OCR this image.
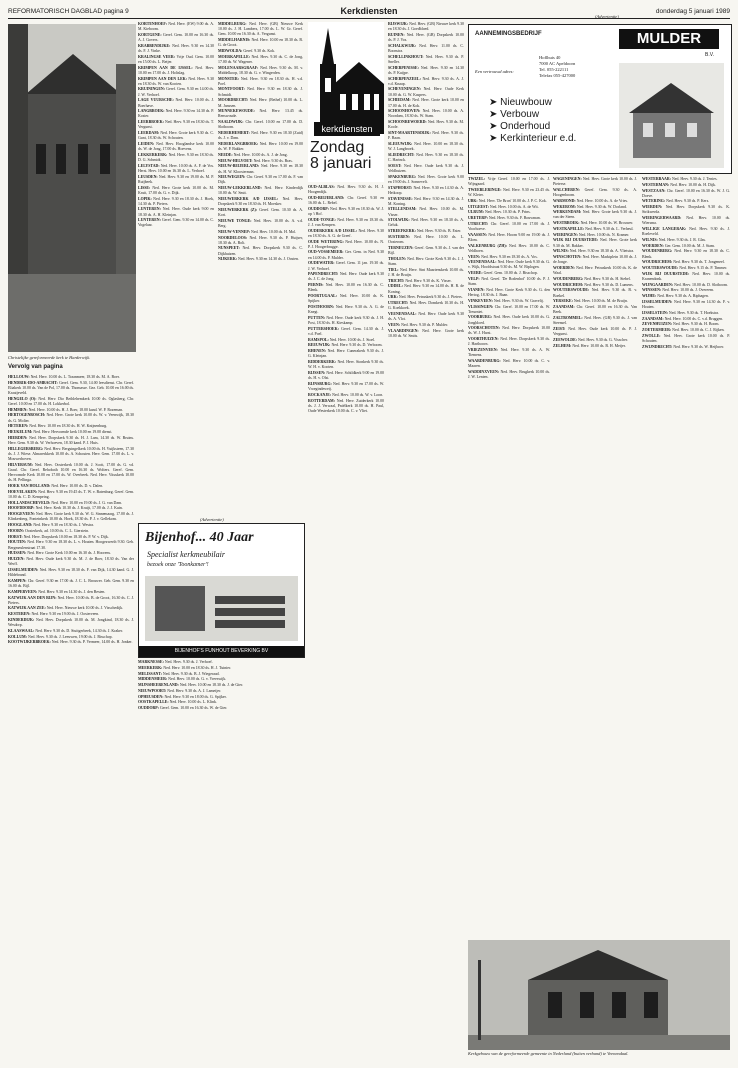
REFORMATORISCH DAGBLAD pagina 9	Kerkdiensten	donderdag 5 januari 1989
Christelijke gereformeerde kerk te Harderwijk.
Vervolg van pagina

HELLOUW: Ned. Herv. 10.00 ds. L. Traanmeer, 18.30 ds. M. A. Boer.

HENDRIK-IDO-AMBACHT: Geref. Gem. 9.30, 14.00 leesdienst. Chr. Geref. Eliakerk 10.00 ds. Van de Pol, 17.00 ds. Thomasse. Gez. Geb. 10.00 en 16.00 ds. Kraaijeveld.

HENGELO (O): Ned. Herv. Dio Bethlehemkerk 10.00 ds. Oglasberg, Chr. Geref. 10.00 en 17.00 ds. H. Lokkerbol.

HEMMEN: Ned. Herv. 10.00 ds. H. J. Boer, 18.00 kand. W. P. Rozeman.

HERTOGENBOSCH: Ned. Herv. Grote kerk 10.00 ds. W. v. Veenwijk, 18.30 ds. G. Molier.

HETEREN: Ned. Herv. 10.00 en 18.30 ds. H. W. Knijnenburg.

HEUKELUM: Ned. Herv. Hervormde kerk 10.00 en 19.00 dienst.

HIERDEN: Ned. Herv. Dorpskerk 9.30 ds. H. J. Lam, 14.30 ds. W. Bruins. Herv. Gem. 9.30 ds. W. Verhoeven, 18.30 kand. P. J. Huis.

HILLEGERSBERG: Ned. Herv. Bergsingelkerk 10.00 ds. H. Vuijksteen, 17.30 ds. J. J. Wiese. Almarerkkerk 10.00 ds. A. Schouten. Herv. Gem. 17.00 ds. L. v. Mouwerhoven.

HILVERSUM: Ned. Herv. Oosterkerk 10.00 ds. J. Scott, 17.00 ds. G. vd. Graaf. Chr. Geref. Rehoboth 10.00 en 16.30 ds. Wolters. Geref. Gem. Hervormde Kerk 10.00 en 17.00 ds. W. Overbeek. Ned. Herv. Vituskerk 10.00 ds. H. Pellinga.

HOEK VAN HOLLAND: Ned. Herv. 10.00 ds. D. v. Dalen.

HOEVELAKEN: Ned. Herv. 9.30 en 19.45 ds. T. W. v. Batenburg. Geref. Gem. 10.00 ds. C. D. Kempeing.

HOLLANDSCHEVELD: Ned. Herv. 10.00 en 19.00 ds. J. G. van Dam.

HOOFDDORP: Ned. Herv. Kerk 10.30 ds. J. Kruijt, 17.00 ds. J. J. Kuin.

HOOGEVEEN: Ned. Herv. Grote kerk 9.30 ds. W. G. Sinnemaarg, 17.00 ds. J. Klinkenberg. Fonteinkerk 10.00 ds. Hoek, 18.30 ds. P. J. v. Gellekom.

HOOGLAND: Ned. Herv. 9.30 en 18.30 ds. J. Westra.

HOORN: Oosterkerk, ad. 10.00 ds. C. L. Gierstein.

HORST: Ned. Herv. Dorpskerk 10.00 en 18.30 ds. P. W. v. Dijk.

HOUTEN: Ned. Herv. 9.30 en 18.30 ds. L. v. Houten. Hoogezwerth 9.30. Geb. Bergmeulenstraat 17.30.

HUISSEN: Ned. Herv. Grote Kerk 10.00 en 16.30 ds. J. Hoorens.

HUIZEN: Ned. Herv. Oude kerk 9.30 ds. M. J. de Boer, 18.30 ds. Van der Werff.

IJSSELMUIDEN: Ned. Herv. 9.30 en 18.30 ds. F. van Dijk, 14.30 kand. G. J. Hildebrand.

KAMPEN: Chr. Geref. 9.30 en 17.00 ds. J. C. L. Brouwer. Geb. Gem. 9.30 en 16.00 ds. Bijl.

KAMPERVEEN: Ned. Herv. 9.30 en 14.30 ds. J. den Besten.

KATWIJK AAN DEN RIJN: Ned. Herv. 10.00 ds. B. de Groot, 16.30 ds. C. J. Pieters.

KATWIJK AAN ZEE: Ned. Herv. Nieuwe kerk 10.00 ds. J. Visschedijk.

KESTEREN: Ned. Herv. 9.30 en 19.00 ds. J. Oosterveen.

KINDERDIJK: Ned. Herv. Dorpskerk 10.00 ds. M. Jongkind, 18.30 ds. J. Wesdorp.

KLAASWAAL: Ned. Herv. 9.30 ds. D. Stuitgerbeek, 14.30 ds. J. Kraker.

KOLLUM: Ned. Herv. 9.30 ds. J. Leeuwen, 19.00 ds. J. Bisschop.

KOOTWIJKERBROEK: Ned. Herv. 9.30 ds. P. Vermeer, 14.00 ds. H. Jonker.

KORTENHOEF: Ned. Herv. (EW) 9.00 ds. A. M. Kieboom.

KORTGENE: Geref. Gem. 10.00 en 16.30 ds. A. J. Govers.

KRABBENDIJKE: Ned. Herv. 9.30 en 14.30 ds. F. J. Vinke.

KRALINGSE VEER: Vrije Oud. Gem. 10.00 en 15.00 ds. L. Beijer.

KRIMPEN AAN DE IJSSEL: Ned. Herv. 10.00 en 17.00 ds. J. Holtslag.

KRIMPEN AAN DEN LEK: Ned. Herv. 9.30 en 18.30 ds. W. van Kooten.

KRUININGEN: Geref. Gem. 9.30 en 14.00 ds. J. W. Verhoef.

LAGE VUURSCHE: Ned. Herv. 10.00 ds. J. Boerhave.

LANGBROEK: Ned. Herv. 9.30 en 14.30 ds. P. Koster.

LEERBROEK: Ned. Herv. 9.30 en 18.30 ds. T. Vergunst.

LEERDAM: Ned. Herv. Grote kerk 9.30 ds. C. Gunt, 18.30 ds. W. Schouten.

LEIDEN: Ned. Herv. Hooglandse kerk 10.00 ds. W. de Jong, 17.00 ds. Hoevens.

LEKKERKERK: Ned. Herv. 9.30 en 18.30 ds. D. G. Schmidt.

LELYSTAD: Ned. Herv. 10.00 ds. A. F. de Vos. Herst. Herv. 10.00 en 16.30 ds. L. Verhoef.

LEUSDEN: Ned. Herv. 9.30 en 19.00 ds. M. P. Ruijbeek.

LISSE: Ned. Herv. Grote kerk 10.00 ds. M. Kruit, 17.00 ds. G. v. Dijk.

LOPIK: Ned. Herv. 9.30 en 18.30 ds. J. Hoek, 14.30 ds. P. Pieters.

LUNTEREN: Ned. Herv. Oude kerk 9.00 en 18.30 ds. A. H. Kleinjan.

LUNTEREN: Geref. Gem. 9.30 en 14.00 ds. C. Vogelaar.

MIDDELBURG: Ned. Herv. (GB) Nieuwe Kerk 10.00 ds. J. H. Lambers, 17.00 ds. L. W. Gr. Geref. Gem. 10.00 en 16.30 ds. A. Vergunst.

MIDDELHARNIS: Ned. Herv. 10.00 en 18.30 ds. B. G. de Groot.

MIDWOLDA: Geref. 9.30 ds. Kok.

MOERKAPELLE: Ned. Herv. 9.30 ds. C. de Jong, 17.00 ds. W. Wagener.

MOLENAARSGRAAF: Ned. Herv. 9.30 ds. M. v. Middelkoop, 18.30 ds. G. v. Wingerden.

MONSTER: Ned. Herv. 9.30 en 18.30 ds. H. v.d. Poel.

MONTFOORT: Ned. Herv. 9.30 en 18.30 ds. J. Schmidt.

MOORDRECHT: Ned. Herv. (Bethel) 10.00 ds. L. M. Janssen.

MUNNEKEWOUDE: Ned. Herv. 13.45 ds. Renswoude.

NAALDWIJK: Chr. Geref. 10.00 en 17.00 ds. D. Slotboom.

NEDERHEMERT: Ned. Herv. 9.30 en 18.30 (Zuid) ds. J. v. Dam.

NEDERLANGBROEK: Ned. Herv. 10.00 en 19.00 ds. W. P. Bakker.

NEEDE: Ned. Herv. 10.00 ds. A. J. de Jong.

NIEUW-HELVOET: Ned. Herv. 9.30 ds. Bras.

NIEUW-BEIJERLAND: Ned. Herv. 9.30 en 18.30 ds. H. W. Kloosterman.

NIEUWEGEIN: Chr. Geref. 9.30 en 17.00 ds. F. van Dijk.

NIEUW-LEKKERLAND: Ned. Herv. Kinderdijk 10.00 ds. W. Smit.

NIEUWERKERK A/D IJSSEL: Ned. Herv. Dorpskerk 9.30 en 18.30 ds. H. Moesker.

NIEUWERKERK (Z): Geref. Gem. 10.30 ds. A. Kort.

NIEUWE TONGE: Ned. Herv. 10.00 ds. A. v.d. Berg.

NIEUW-VENNEP: Ned. Herv. 10.00 ds. H. Mol.

NOORDELOOS: Ned. Herv. 9.30 ds. P. Huijser, 18.30 ds. A. Bolt.

NUNSPEET: Ned. Herv. Dorpskerk 9.30 ds. C. Dijkhuizen.

NIJKERK: Ned. Herv. 9.30 en 14.30 ds. J. Oosten.

kerkdiensten
Zondag
8 januari

OUD-ALBLAS: Ned. Herv. 9.30 ds. H. J. Hoogendijk.

OUD-BEIJERLAND: Chr. Geref. 9.30 en 16.00 ds. L. Rebel.

OUDDORP: Ned. Herv. 9.30 en 18.30 ds. W. J. op 't Hof.

OUDE-TONGE: Ned. Herv. 9.30 en 18.30 ds. J. J. van Kempen.

OUDERKERK A/D IJSSEL: Ned. Herv. 9.30 en 18.30 ds. A. G. de Greef.

OUDE WETERING: Ned. Herv. 10.00 ds. N. P. J. Hoogerbrugge.

OUD-VOSSEMEER: Ger. Gem. in Ned. 9.30 en 14.00 ds. P. Mulder.

OUDEWATER: Geref. Gem. 11 jan. 19.30 ds. J. W. Verhoef.

PAPENDRECHT: Ned. Herv. Oude kerk 9.30 ds. J. C. de Jong.

PERNIS: Ned. Herv. 10.00 en 16.30 ds. C. Blenk.

POORTUGAAL: Ned. Herv. 10.00 ds. K. Spijker.

POSTHOORN: Ned. Herv. 9.30 ds. A. G. de Knegt.

PUTTEN: Ned. Herv. Oude kerk 9.30 ds. J. H. Post, 18.30 ds. H. Kieskamp.

PUTTERSHOEK: Geref. Gem. 14.30 ds. J. v.d. Poel.

RAMSPOL: Ned. Herv. 10.00 ds. J. Stoel.

REEUWIJK: Ned. Herv. 9.30 ds. D. Verboom.

RHENEN: Ned. Herv. Cunerakerk 9.30 ds. J. G. Kleinjan.

RIDDERKERK: Ned. Herv. Sionkerk 9.30 ds. W. H. v. Kooten.

RIJSSEN: Ned. Herv. Schildkerk 9.00 en 19.00 ds. H. v. Olst.

RIJNSBURG: Ned. Herv. 9.30 en 17.00 ds. W. Vroegindeweij.

ROCKANJE: Ned. Herv. 10.00 ds. W. v. Loon.

ROTTERDAM: Ned. Herv. Zuiderkerk 10.00 ds. J. J. Verwaal, Pniëlkerk 10.00 ds. H. Paul, Oude Westerkerk 10.00 ds. C. v. Vliet.

RIJSWIJK: Ned. Herv. (GB) Nieuwe kerk 9.30 en 18.30 ds. J. Goedbloed.

RUINEN: Ned. Herv. (GB) Dorpskerk 10.00 ds. P. J. Vos.

SCHALKWIJK: Ned. Herv. 11.00 ds. C. Boonstra.

SCHELLINKHOUT: Ned. Herv. 9.30 ds. P. Sneller.

SCHERPENISSE: Ned. Herv. 9.30 en 14.30 ds. P. Kuijpe.

SCHERPENZEEL: Ned. Herv. 9.30 ds. A. J. v.d. Knaap.

SCHEVENINGEN: Ned. Herv. Oude Kerk 10.00 ds. G. W. Kaspers.

SCHIEDAM: Ned. Herv. Grote kerk 10.00 en 17.00 ds. H. de Kok.

SCHOONHOVEN: Ned. Herv. 10.00 ds. A. Noordam, 18.30 ds. W. Stam.

SCHOONREWOERD: Ned. Herv. 9.30 ds. M. Koole.

SINT-MAARTENSDIJK: Ned. Herv. 9.30 ds. F. Baan.

SLEEUWIJK: Ned. Herv. 10.00 en 18.30 ds. W. J. Langbroek.

SLIEDRECHT: Ned. Herv. 9.30 en 18.30 ds. C. Harinck.

SOEST: Ned. Herv. Oude kerk 9.30 ds. J. Veldhuizen.

SPAKENBURG: Ned. Herv. Grote kerk 9.00 en 19.00 ds. J. Sonnevelt.

STAPHORST: Ned. Herv. 9.30 en 14.30 ds. A. Heikoop.

STAVENISSE: Ned. Herv. 9.30 en 14.30 ds. J. M. Koning.

STELLENDAM: Ned. Herv. 10.00 ds. M. Visser.

STOLWIJK: Ned. Herv. 9.30 en 18.30 ds. A. Geluk.

STREEFKERK: Ned. Herv. 9.30 ds. B. Ester.

SUSTEREN: Ned. Herv. 10.00 ds. L. Oosterom.

TERNEUZEN: Geref. Gem. 9.30 ds. J. van der Bijl.

THOLEN: Ned. Herv. Grote Kerk 9.30 ds. J. J. Stam.

TIEL: Ned. Herv. Sint Maartenskerk 10.00 ds. J. H. de Bruijn.

TRICHT: Ned. Herv. 9.30 ds. K. Visser.

UDDEL: Ned. Herv. 9.30 en 14.00 ds. H. R. de Koning.

URK: Ned. Herv. Petruskerk 9.30 ds. J. Pieters.

UTRECHT: Ned. Herv. Domkerk 10.30 ds. H. G. Koekkoek.

VEENENDAAL: Ned. Herv. Oude kerk 9.30 ds. A. Vlot.

VEEN: Ned. Herv. 9.30 ds. P. Mulder.

VLAARDINGEN: Ned. Herv. Grote kerk 10.00 ds. W. Smits.

(Advertentie)
AANNEMINGSBEDRIJF	MULDER
B.V.
Hoflhuis 40
7000 AC Apeldoorn
Tel. 055-222111
Telefax 055-427000
Een vertrouwd adres:
➤ Nieuwbouw
➤ Verbouw
➤ Onderhoud
➤ Kerkinterieur e.d.

TWIZEL: Vrije Geref. 10.00 en 17.00 ds. J. Wijngaard.

TWEEBLERINGE: Ned. Herv. 9.30 en 23.45 ds. W. Kleter.

UBK: Ned. Herv. 'De Bron' 10.00 ds. J. P. C. Kok.

UITGEEST: Ned. Herv. 10.00 ds. A. de Wit.

ULRUM: Ned. Herv. 10.30 ds. P. Prins.

URETERP: Ned. Herv. 9.30 ds. F. Bouwman.

UTRECHT: Chr. Geref. 10.00 en 17.00 ds. J. Voorhoeve.

VAASSEN: Ned. Herv. Hoorn 9.00 en 19.00 ds. J. Blom.

VALKENBURG (ZH): Ned. Herv. 10.00 ds. C. Veldhoen.

VEEN: Ned. Herv. 9.30 en 18.30 ds. A. Vos.

VEENENDAAL: Ned. Herv. Oude kerk 9.30 ds. G. v. Wijk, Hoofdstraat 9.30 ds. M. W. Biplogen.

VEERE: Geref. Gem. 10.00 ds. J. Bisschop.

VELP: Ned. Geref. 'De Rodenhof' 10.00 ds. P. J. Stam.

VIANEN: Ned. Herv. Grote Kerk 9.30 ds. G. den Hertog, 18.30 ds. J. Baan.

VINKEVEEN: Ned. Herv. 9.30 ds. W. Gravelij.

VLISSINGEN: Chr. Geref. 10.00 en 17.00 ds. W. Treurniet.

VOORBURG: Ned. Herv. Oude kerk 10.00 ds. G. Jongbloed.

VOORSCHOTEN: Ned. Herv. Dorpskerk 10.00 ds. W. J. Harst.

VOORTHUIZEN: Ned. Herv. Dorpskerk 9.30 ds. J. Harthoorn.

VRIEZENVEEN: Ned. Herv. 9.30 ds. A. W. Tiemens.

WAARDENBURG: Ned. Herv. 10.00 ds. C. v. Maaren.

WADDINXVEEN: Ned. Herv. Brugkerk 10.00 ds. J. W. Lenten.

WAGENINGEN: Ned. Herv. Grote kerk 10.00 ds. J. Pieterse.

WALCHEREN: Geref. Gem. 9.30 ds. A. Hoogenboom.

WARMOND: Ned. Herv. 10.00 ds. A. de Vries.

WEKEROM: Ned. Herv. 9.30 ds. W. Dorland.

WERKENDAM: Ned. Herv. Grote kerk 9.30 ds. J. van der Steen.

WESTBROEK: Ned. Herv. 10.00 ds. W. Brouwer.

WESTKAPELLE: Ned. Herv. 9.30 ds. L. Verheul.

WIERINGEN: Ned. Herv. 10.00 ds. N. Kramer.

WIJK BIJ DUURSTEDE: Ned. Herv. Grote kerk 9.30 ds. M. Bakker.

WILNIS: Ned. Herv. 9.30 en 18.30 ds. A. Vlietstra.

WINSCHOTEN: Ned. Herv. Marktplein 10.00 ds. J. de Jonge.

WOERDEN: Ned. Herv. Petruskerk 10.00 ds. K. de Waal.

WOUDENBERG: Ned. Herv. 9.30 ds. H. Siebel.

WOUDRICHEM: Ned. Herv. 9.30 ds. D. Lumens.

WOUTERSWOUDE: Ned. Herv. 9.30 ds. B. v. Boekel.

YERSEKE: Ned. Herv. 10.00 ds. M. de Bruijn.

ZAANDAM: Chr. Geref. 10.00 en 16.30 ds. Van Beek.

ZALTBOMMEL: Ned. Herv. (GB) 9.30 ds. J. van Steensel.

ZEIST: Ned. Herv. Oude kerk 10.00 ds. P. J. Vergunst.

ZEEWOLDE: Ned. Herv. 9.30 ds. G. Visscher.

ZELHEM: Ned. Herv. 10.00 ds. B. H. Meijer.

WESTERBAAR: Ned. Herv. 9.30 ds. J. Tenies.

WESTERMAN: Ned. Herv. 10.00 ds. H. Dijk.

WESTZAAN: Chr. Geref. 10.00 en 16.30 ds. W. J. G. Doeve.

WETERING: Ned. Herv. 9.30 ds. P. Kers.

WIERDEN: Ned. Herv. Dorpskerk 9.30 ds. K. Strikwerda.

WIERINGERWAARD: Ned. Herv. 10.00 ds. Wiersma.

WILLIGE LANGERAK: Ned. Herv. 9.30 ds. J. Roeleveld.

WILNIS: Ned. Herv. 9.30 ds. J. R. Glas.

WOERDEN: Ger. Gem. 10.00 ds. M. J. Stam.

WOUDENBERG: Ned. Herv. 9.30 en 18.30 ds. C. Blenk.

WOUDRICHEM: Ned. Herv. 9.30 ds. T. Jongeneel.

WOUTERSWOUDE: Ned. Herv. 9.15 ds. P. Timmer.

WIJK BIJ DUURSTEDE: Ned. Herv. 10.00 ds. Kranendonk.

WIJNGAARDEN: Ned. Herv. 10.00 ds. D. Slotboom.

WINSSEN: Ned. Herv. 10.00 ds. J. Overeem.

WIJHE: Ned. Herv. 9.30 ds. A. Riphagen.

IJSSELMUIDEN: Ned. Herv. 9.30 en 14.30 ds. F. v. Houten.

IJSSELSTEIN: Ned. Herv. 9.30 ds. T. Hoekstra.

ZAANDAM: Ned. Herv. 10.00 ds. C. v.d. Bruggen.

ZEVENHUIZEN: Ned. Herv. 9.30 ds. H. Boom.

ZOETERMEER: Ned. Herv. 10.00 ds. C. J. Rijken.

ZWOLLE: Ned. Herv. Grote kerk 10.00 ds. P. Schouten.

ZWIJNDRECHT: Ned. Herv. 9.30 ds. W. Heijboer.

(Advertentie)
Bijenhof... 40 Jaar
Specialist kerkmeubilair
bezoek onze 'Toonkamer'!
BIJENHOF'S FUNHOUT BEVERKING BV

MARKNESSE: Ned. Herv. 9.30 ds. J. Verhoef.

MEERKERK: Ned. Herv. 10.00 en 18.30 ds. H. J. Tuinier.

MELISSANT: Ned. Herv. 9.30 ds. B. J. Wiegeraad.

MIDDENMEER: Ned. Herv. 10.00 ds. G. v. Vreeswijk.

MIJNSHEERENLAND: Ned. Herv. 10.00 en 18.30 ds. J. de Gier.

NIEUWPOORT: Ned. Herv. 9.30 ds. A. J. Lameijer.

OPHEUSDEN: Ned. Herv. 9.30 en 18.00 ds. G. Spijker.

OOSTKAPELLE: Ned. Herv. 10.00 ds. L. Klink.

OUDDORP: Geref. Gem. 10.00 en 16.30 ds. W. de Gier.

Kerkgebouw van de gereformeerde gemeente in Nederland (buiten verband) te Veenendaal.
